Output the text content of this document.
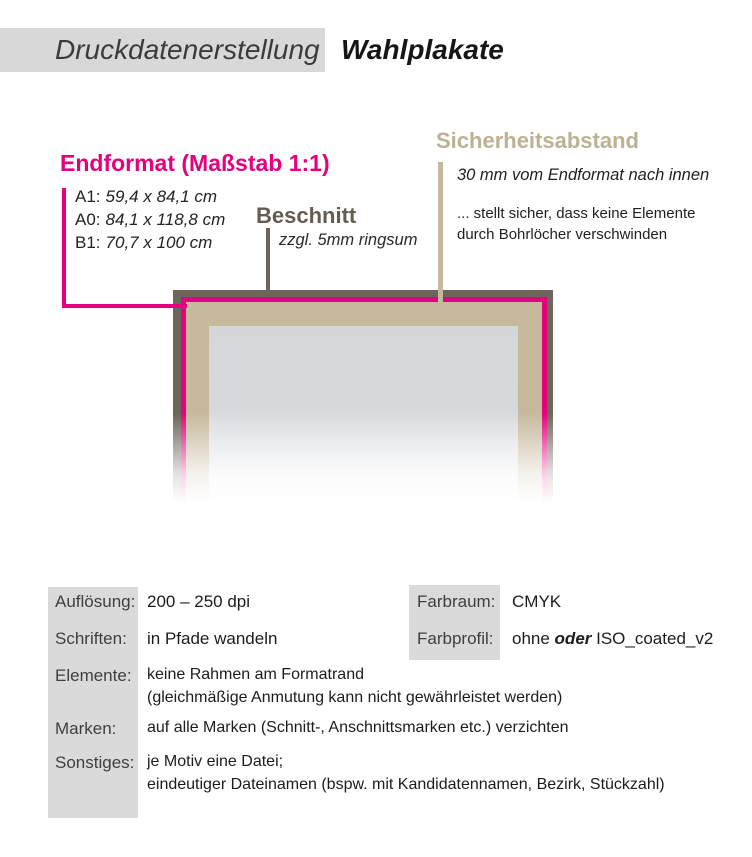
Druckdatenerstellung Wahlplakate
Endformat (Maßstab 1:1)
A1: 59,4 x 84,1 cm
A0: 84,1 x 118,8 cm
B1: 70,7 x 100 cm
Beschnitt
zzgl. 5mm ringsum
Sicherheitsabstand
30 mm vom Endformat nach innen
... stellt sicher, dass keine Elemente
durch Bohrlöcher verschwinden
Auflösung: 200 – 250 dpi
Schriften: in Pfade wandeln
Elemente: keine Rahmen am Formatrand
(gleichmäßige Anmutung kann nicht gewährleistet werden)
Marken: auf alle Marken (Schnitt-, Anschnittsmarken etc.) verzichten
Sonstiges: je Motiv eine Datei;
eindeutiger Dateinamen (bspw. mit Kandidatennamen, Bezirk, Stückzahl)
Farbraum: CMYK
Farbprofil: ohne oder ISO_coated_v2
